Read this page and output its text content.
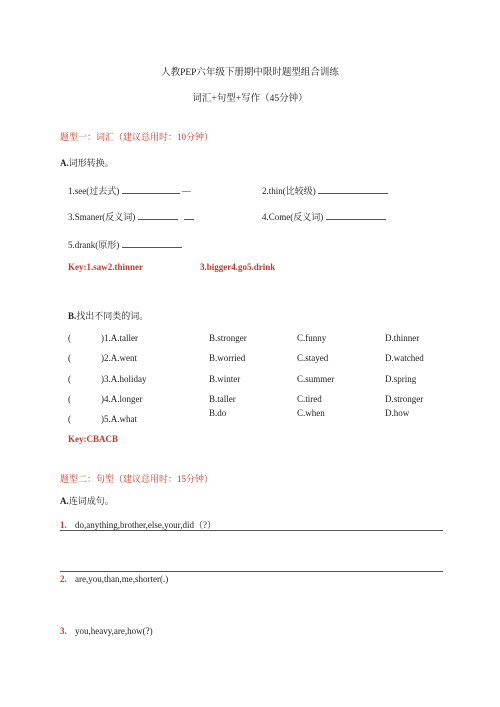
人教PEP六年级下册期中限时题型组合训练
词汇+句型+写作（45分钟）
题型一：词汇（建议总用时：10分钟）
A.词形转换。
1.see(过去式)	—	2.thin(比较级)
3.Smaner(反义词)	4.Come(反义词)
5.drank(原形)
Key:1.saw2.thinner	3.bigger4.go5.drink
B.找出不同类的词。
(	)1.A.taller	B.stronger	C.funny	D.thinner
(	)2.A.went	B.worried	C.stayed	D.watched
(	)3.A.holiday	B.winter	C.summer	D.spring
(	)4.A.longer	B.taller	C.tired	D.stronger
(	)5.A.what
B.do	C.when	D.how
Key:CBACB
题型二：句型（建议总用时：15分钟）
A.连词成句。
1. do,anything,brother,else,your,did（?）
2. are,you,than,me,shorter(.)
3. you,heavy,are,how(?)
